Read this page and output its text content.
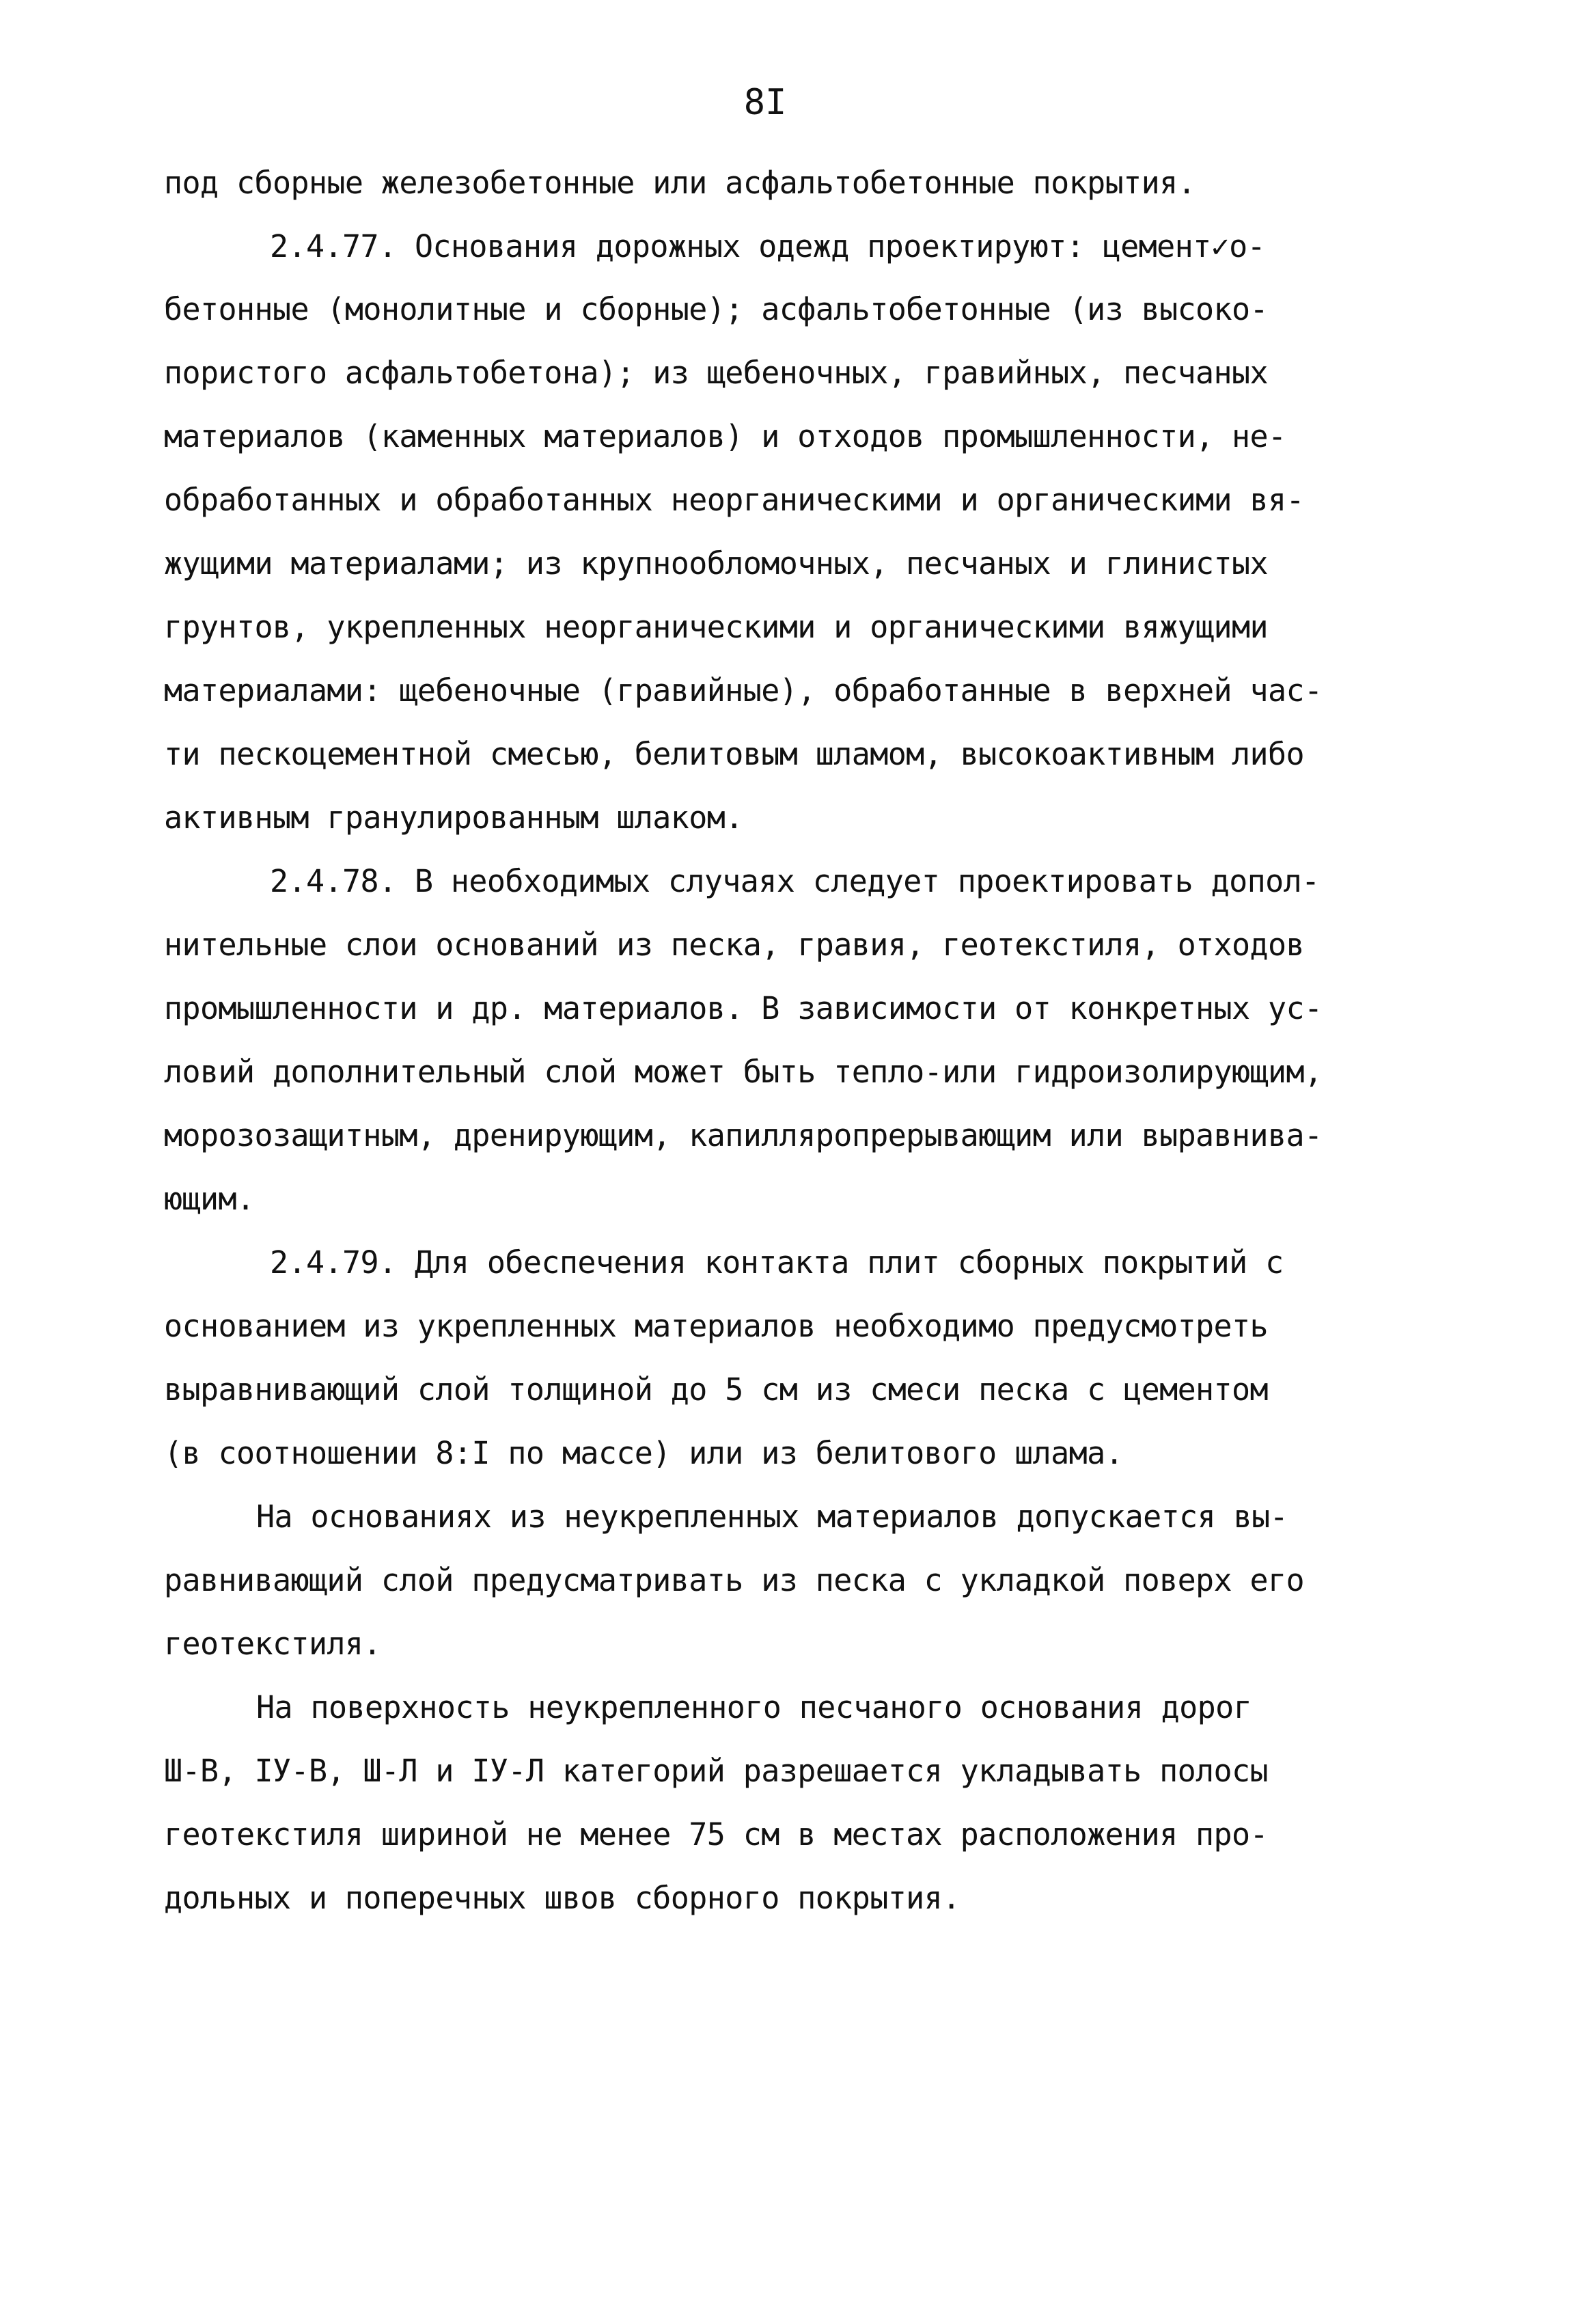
8I
под сборные железобетонные или асфальтобетонные покрытия.
2.4.77. Основания дорожных одежд проектируют: цемент✓о-
бетонные (монолитные и сборные); асфальтобетонные (из высоко-
пористого асфальтобетона); из щебеночных, гравийных, песчаных
материалов (каменных материалов) и отходов промышленности, не-
обработанных и обработанных неорганическими и органическими вя-
жущими материалами; из крупнообломочных, песчаных и глинистых
грунтов, укрепленных неорганическими и органическими вяжущими
материалами: щебеночные (гравийные), обработанные в верхней час-
ти пескоцементной смесью, белитовым шламом, высокоактивным либо
активным гранулированным шлаком.
2.4.78. В необходимых случаях следует проектировать допол-
нительные слои оснований из песка, гравия, геотекстиля, отходов
промышленности и др. материалов. В зависимости от конкретных ус-
ловий дополнительный слой может быть тепло-или гидроизолирующим,
морозозащитным, дренирующим, капилляропрерывающим или выравнива-
ющим.
2.4.79. Для обеспечения контакта плит сборных покрытий с
основанием из укрепленных материалов необходимо предусмотреть
выравнивающий слой толщиной до 5 см из смеси песка с цементом
(в соотношении 8:I по массе) или из белитового шлама.
На основаниях из неукрепленных материалов допускается вы-
равнивающий слой предусматривать из песка с укладкой поверх его
геотекстиля.
На поверхность неукрепленного песчаного основания дорог
Ш-В, IУ-В, Ш-Л и IУ-Л категорий разрешается укладывать полосы
геотекстиля шириной не менее 75 см в местах расположения про-
дольных и поперечных швов сборного покрытия.
